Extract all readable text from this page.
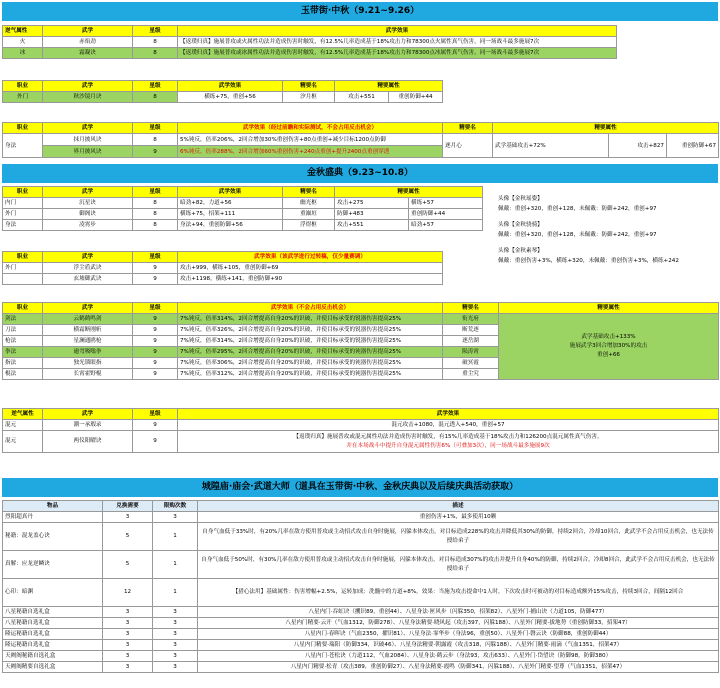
玉带街·中秋（9.21~9.26）
逆气属性	武学	星级	武学效果
火	赤焰劲	8	【返璞归真】施展普攻或火属性功法并造成伤害时触发，有12.5%几率造成基于18%攻击力和78300点火属性真气伤害，同一场战斗最多施展7次
冰	霜凝诀	8	【返璞归真】施展普攻或冰属性功法并造成伤害时触发，有12.5%几率造成基于18%攻击力和78300点冰属性真气伤害，同一场战斗最多施展7次
职业	武学	星级	武学效果	精要名	精要属性	
外门	秋沙镜月诀	8	横练+75，重创+56	汐月枢	攻击+551	重创防御+44
职业	武学	星级	武学效果（经过前瞻和实际测试，不会占用反击机会）	精要名	精要属性		
身法	抹月披风诀	8	5%钝反，倍率206%，2回合增加30%重创伤害+80点重创+减少目标1200点防御	逐月心	武学基础攻击+72%	攻击+827	重创防御+67
	界月披风诀	9	6%钝反，倍率288%，2回合增加60%重创伤害+240点重创+提升2400点重创穿透				
金秋盛典（9.23~10.8）
职业	武学	星级	武学效果	精要名	精要属性	
内门	沉星诀	8	暗劲+82，力道+56	幽光枢	攻击+275	横练+57
外门	御阁诀	8	横练+75，招架+111	重巅垣	防御+483	重创防御+44
身法	凌霄步	8	身法+94，重创防御+56	浮煜枢	攻击+551	暗劲+57
头像【金秋瑶姿】
佩戴：重创+320，重创+128，未佩戴：防御+242，重创+97
头像【金秋骁骑】
佩戴：重创+320，重创+128，未佩戴：防御+242，重创+97
头像【金秋素琴】
佩戴：重创伤害+3%，横练+320，未佩戴：重创伤害+3%，横练+242
职业	武学	星级	武学效果（该武学进行过转稿，仅少量赛调）
外门	浮尘盾武诀	9	攻击+999，横练+105，重创防御+69
	玄墟御武诀	9	攻击+1198，横练+141，重创防御+90
职业	武学	星级	武学效果（不会占用反击机会）	精要名	精要属性
剑法	云鹤鹤鸣剑	9	7%钝反，倍率314%，2回合增提高自身20%的识破，并使目标承受的锐器伤害提高25%	衔光府	武学基础攻击+133%
施展武学3回合增加30%的攻击
重创+66

刀法	横霜断刚斩	9	7%钝反，倍率326%，2回合增提高自身20%的识破，并使目标承受的锐器伤害提高25%	断荒逐	
枪法	星澜通鸥枪	9	7%钝反，倍率314%，2回合增提高自身20%的识破，并使目标承受的锐器伤害提高25%	逐岳湖	
拳法	逾弯吸嗡拳	9	7%钝反，倍率295%，2回合增提高自身20%的识破，并使目标承受的钝器伤害提高25%	陨涛霄	
指法	独光锁眼指	9	7%钝反，倍率306%，2回合增提高自身20%的识破，并使目标承受的钝器伤害提高25%	破冥霞	
棍法	长霄霍野棍	9	7%钝反，倍率312%，2回合增提高自身20%的识破，并使目标承受的钝器伤害提高25%	重尘究	
逆气属性	武学	星级	武学效果
混元	潮一承瑕录	9	混元攻击+1080，混元透入+540，重创+57
混元	两仪阳曜诀	9	【返璞归真】施展普攻或混元属性功法并造成伤害时触发，有15%几率造成基于18%攻击力和126200点混元属性真气伤害。
并在本场战斗中提升自身混元属性伤害6%（可叠加3次），同一场战斗最多施展9次
城隍庙·庙会·武道大师（道具在玉带街·中秋、金秋庆典以及后续庆典活动获取）
物品	兑换需要	限购次数	描述
烈阳超真丹	3	3	重创伤害+1%，最多使用10颗
秘籍：混龙盖心诀	5	1	自身气血低于33%时，有20%几率在敌方使用普攻或主动招式攻击自身时施展，闪躲本体攻击，对目标造成228%的攻击并降低其30%的防御，持续2回合，冷却10回合，此武学不会占用反击机会，也无法传授给弟子
真解：应龙逆鳞诀	5	1	自身气血低于50%时，有30%几率在敌方使用普攻或主动招式攻击自身时施展，闪躲本体攻击，对目标造成307%的攻击并提升自身40%的防御，持续2回合，冷却8回合，此武学不会占用反击机会，也无法传授给弟子
心印：暗渊	12	1	【猎心法用】基础属性：伤害增幅+2.5%，运转加成：洗髓中的力道+8%。效果：当施为攻击提命中1人时，下次攻击时可被动的对目标造成额外15%攻击，持续3回合，间隔12回合
八星秘籍自选礼盒	3	3	八星内门·吞虹诀（攫识89，重创44）、八星身法·匣风步（闪躲350，招架82）、八星外门·捕山诀（力道105，防御477）
八星秘籍自选礼盒	3	3	八星内门精要·云开（气血1312，防御278）、八星身法精要·晓风起（攻击397，闪躲188）、八星外门精要·拔地势（重创防御33，招架47）
隆运秘籍自选礼盒	3	3	八星内门·春晖诀（气血2350，擢识81）、八星身法·霏华步（身法96，重创50）、八星外门·磬云诀（防御88，重创防御44）
隆运秘籍自选礼盒	3	3	八星内门精要·瑞阳（防御334，识破46）、八星身法精要·朝露霞（攻击318，闪躲188）、八星外门精要·雨滴（气血1351，招架47）
天阙阁秘籍自选礼盒	3	3	八星内门·苍松诀（力道112，气血2084）、八星身法·鹤云步（身法93，攻击633）、八星外门·岱望诀（防御98，防御380）
天阙阁精要自选礼盒	3	3	八星内门精要·松青（攻击389，重创防御27）、八星身法精要·霞鸣（防御341，闪躲188）、八星外门精要·望尊（气血1351，招架47）
